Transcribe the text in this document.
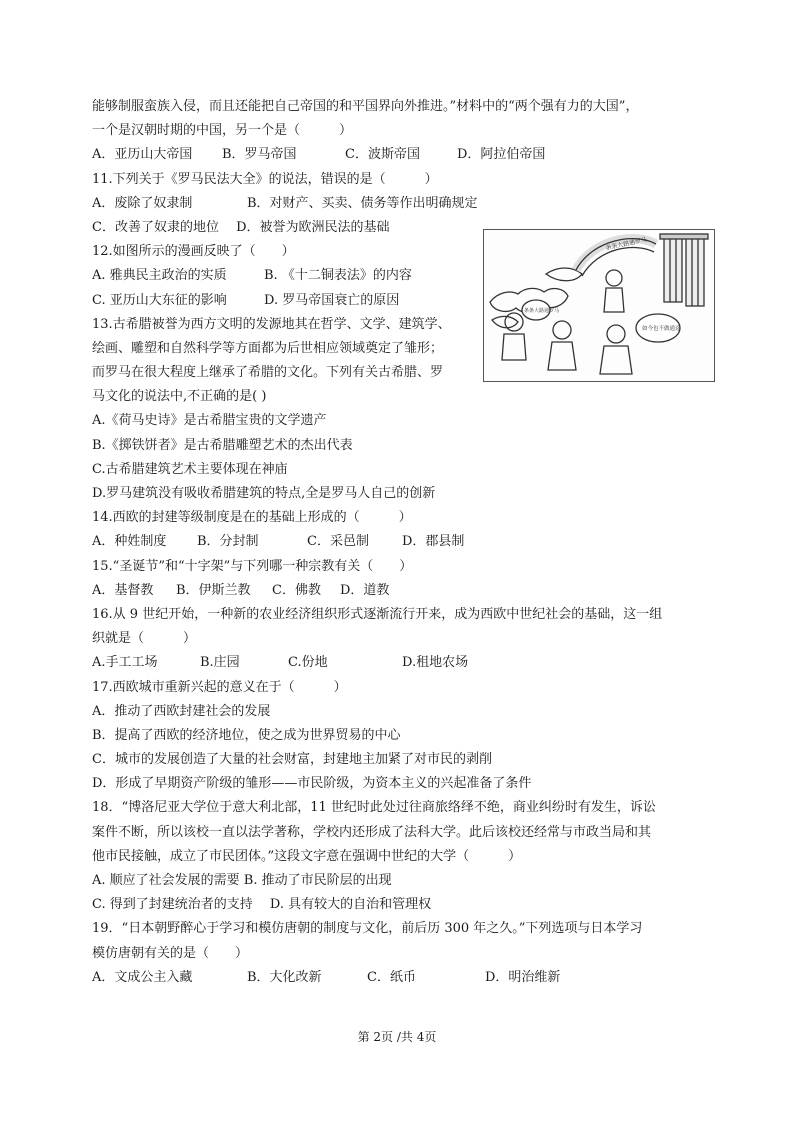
能够制服蛮族入侵，而且还能把自己帝国的和平国界向外推进。”材料中的“两个强有力的大国”，
一个是汉朝时期的中国，另一个是（　　　）
A．亚历山大帝国	B．罗马帝国	C．波斯帝国	D．阿拉伯帝国
11.下列关于《罗马民法大全》的说法，错误的是（　　　）
A．废除了奴隶制	B．对财产、买卖、债务等作出明确规定
C．改善了奴隶的地位　 D．被誉为欧洲民法的基础
12.如图所示的漫画反映了（　　）
A. 雅典民主政治的实质	B. 《十二铜表法》的内容
C. 亚历山大东征的影响	D. 罗马帝国衰亡的原因
13.古希腊被誉为西方文明的发源地其在哲学、文学、建筑学、
绘画、雕塑和自然科学等方面都为后世相应领域奠定了雏形；
而罗马在很大程度上继承了希腊的文化。下列有关古希腊、罗
马文化的说法中,不正确的是( )
A.《荷马史诗》是古希腊宝贵的文学遗产
B.《掷铁饼者》是古希腊雕塑艺术的杰出代表
C.古希腊建筑艺术主要体现在神庙
D.罗马建筑没有吸收希腊建筑的特点,全是罗马人自己的创新
14.西欧的封建等级制度是在的基础上形成的（　　　）
A．种姓制度	B．分封制	C．采邑制	D．郡县制
15.“圣诞节”和“十字架”与下列哪一种宗教有关（　　）
A．基督教	B．伊斯兰教	C．佛教	D．道教
16.从 9 世纪开始，一种新的农业经济组织形式逐渐流行开来，成为西欧中世纪社会的基础，这一组
织就是（　　　）
A.手工工场	B.庄园	C.份地	D.租地农场
17.西欧城市重新兴起的意义在于（　　　）
A．推动了西欧封建社会的发展
B．提高了西欧的经济地位，使之成为世界贸易的中心
C．城市的发展创造了大量的社会财富，封建地主加紧了对市民的剥削
D．形成了早期资产阶级的雏形——市民阶级，为资本主义的兴起准备了条件
18．“博洛尼亚大学位于意大利北部，11 世纪时此处过往商旅络绎不绝，商业纠纷时有发生，诉讼
案件不断，所以该校一直以法学著称，学校内还形成了法科大学。此后该校还经常与市政当局和其
他市民接触，成立了市民团体。”这段文字意在强调中世纪的大学（　　　）
A. 顺应了社会发展的需要 B. 推动了市民阶层的出现
C. 得到了封建统治者的支持　 D. 具有较大的自治和管理权
19．“日本朝野醉心于学习和模仿唐朝的制度与文化，前后历 300 年之久。”下列选项与日本学习
模仿唐朝有关的是（　　）
A．文成公主入藏	B．大化改新	C．纸币	D．明治维新
条条大路通罗马
条条大路通罗马
如今也不做通途
第 2页 /共 4页
